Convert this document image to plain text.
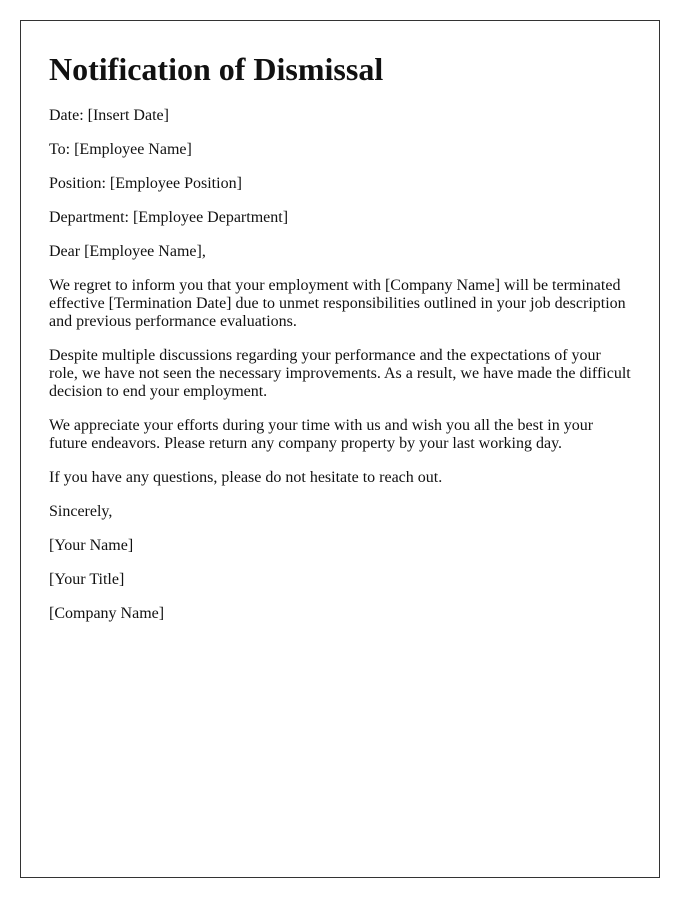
Notification of Dismissal

Date: [Insert Date]

To: [Employee Name]

Position: [Employee Position]

Department: [Employee Department]

Dear [Employee Name],

We regret to inform you that your employment with [Company Name] will be terminated effective [Termination Date] due to unmet responsibilities outlined in your job description and previous performance evaluations.

Despite multiple discussions regarding your performance and the expectations of your role, we have not seen the necessary improvements. As a result, we have made the difficult decision to end your employment.

We appreciate your efforts during your time with us and wish you all the best in your future endeavors. Please return any company property by your last working day.

If you have any questions, please do not hesitate to reach out.

Sincerely,

[Your Name]

[Your Title]

[Company Name]
